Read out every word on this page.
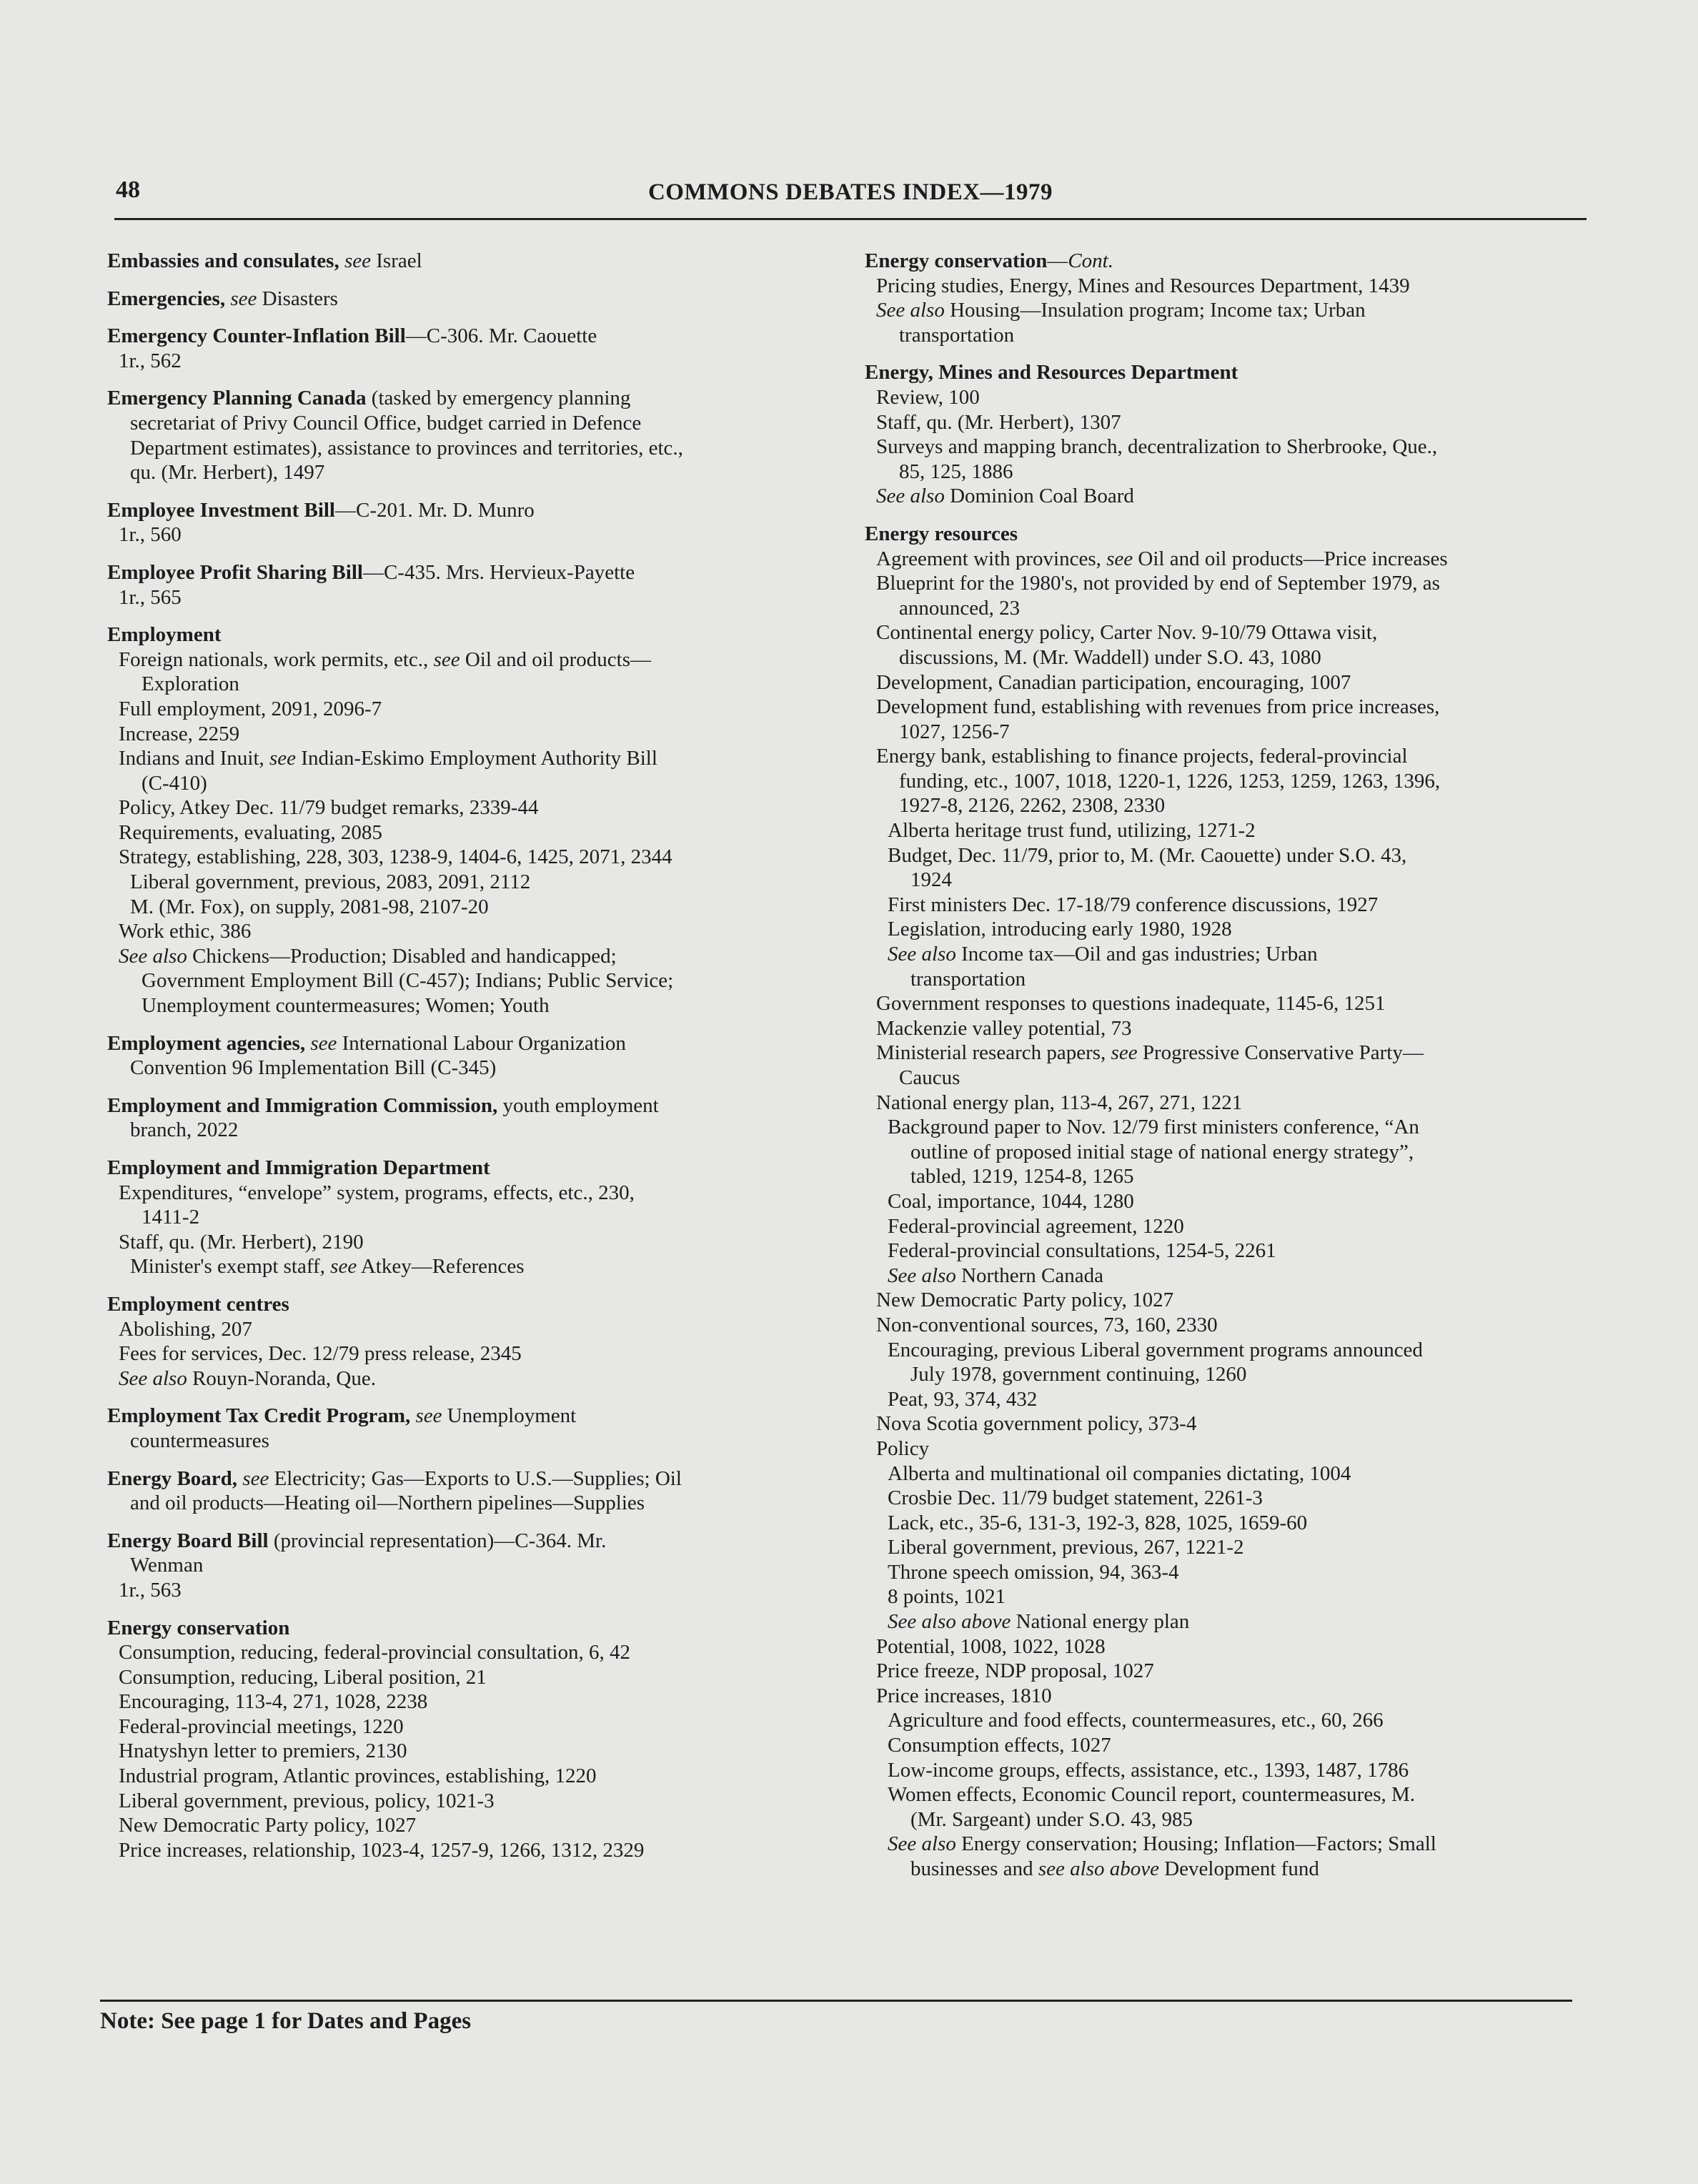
48	COMMONS DEBATES INDEX—1979
Embassies and consulates, see Israel
Emergencies, see Disasters
Emergency Counter-Inflation Bill—C-306. Mr. Caouette
1r., 562
Emergency Planning Canada (tasked by emergency planning
secretariat of Privy Council Office, budget carried in Defence
Department estimates), assistance to provinces and territories, etc.,
qu. (Mr. Herbert), 1497
Employee Investment Bill—C-201. Mr. D. Munro
1r., 560
Employee Profit Sharing Bill—C-435. Mrs. Hervieux-Payette
1r., 565
Employment
Foreign nationals, work permits, etc., see Oil and oil products—
Exploration
Full employment, 2091, 2096-7
Increase, 2259
Indians and Inuit, see Indian-Eskimo Employment Authority Bill
(C-410)
Policy, Atkey Dec. 11/79 budget remarks, 2339-44
Requirements, evaluating, 2085
Strategy, establishing, 228, 303, 1238-9, 1404-6, 1425, 2071, 2344
Liberal government, previous, 2083, 2091, 2112
M. (Mr. Fox), on supply, 2081-98, 2107-20
Work ethic, 386
See also Chickens—Production; Disabled and handicapped;
Government Employment Bill (C-457); Indians; Public Service;
Unemployment countermeasures; Women; Youth
Employment agencies, see International Labour Organization
Convention 96 Implementation Bill (C-345)
Employment and Immigration Commission, youth employment
branch, 2022
Employment and Immigration Department
Expenditures, “envelope” system, programs, effects, etc., 230,
1411-2
Staff, qu. (Mr. Herbert), 2190
Minister's exempt staff, see Atkey—References
Employment centres
Abolishing, 207
Fees for services, Dec. 12/79 press release, 2345
See also Rouyn-Noranda, Que.
Employment Tax Credit Program, see Unemployment
countermeasures
Energy Board, see Electricity; Gas—Exports to U.S.—Supplies; Oil
and oil products—Heating oil—Northern pipelines—Supplies
Energy Board Bill (provincial representation)—C-364. Mr.
Wenman
1r., 563
Energy conservation
Consumption, reducing, federal-provincial consultation, 6, 42
Consumption, reducing, Liberal position, 21
Encouraging, 113-4, 271, 1028, 2238
Federal-provincial meetings, 1220
Hnatyshyn letter to premiers, 2130
Industrial program, Atlantic provinces, establishing, 1220
Liberal government, previous, policy, 1021-3
New Democratic Party policy, 1027
Price increases, relationship, 1023-4, 1257-9, 1266, 1312, 2329
Energy conservation—Cont.
Pricing studies, Energy, Mines and Resources Department, 1439
See also Housing—Insulation program; Income tax; Urban
transportation
Energy, Mines and Resources Department
Review, 100
Staff, qu. (Mr. Herbert), 1307
Surveys and mapping branch, decentralization to Sherbrooke, Que.,
85, 125, 1886
See also Dominion Coal Board
Energy resources
Agreement with provinces, see Oil and oil products—Price increases
Blueprint for the 1980's, not provided by end of September 1979, as
announced, 23
Continental energy policy, Carter Nov. 9-10/79 Ottawa visit,
discussions, M. (Mr. Waddell) under S.O. 43, 1080
Development, Canadian participation, encouraging, 1007
Development fund, establishing with revenues from price increases,
1027, 1256-7
Energy bank, establishing to finance projects, federal-provincial
funding, etc., 1007, 1018, 1220-1, 1226, 1253, 1259, 1263, 1396,
1927-8, 2126, 2262, 2308, 2330
Alberta heritage trust fund, utilizing, 1271-2
Budget, Dec. 11/79, prior to, M. (Mr. Caouette) under S.O. 43,
1924
First ministers Dec. 17-18/79 conference discussions, 1927
Legislation, introducing early 1980, 1928
See also Income tax—Oil and gas industries; Urban
transportation
Government responses to questions inadequate, 1145-6, 1251
Mackenzie valley potential, 73
Ministerial research papers, see Progressive Conservative Party—
Caucus
National energy plan, 113-4, 267, 271, 1221
Background paper to Nov. 12/79 first ministers conference, “An
outline of proposed initial stage of national energy strategy”,
tabled, 1219, 1254-8, 1265
Coal, importance, 1044, 1280
Federal-provincial agreement, 1220
Federal-provincial consultations, 1254-5, 2261
See also Northern Canada
New Democratic Party policy, 1027
Non-conventional sources, 73, 160, 2330
Encouraging, previous Liberal government programs announced
July 1978, government continuing, 1260
Peat, 93, 374, 432
Nova Scotia government policy, 373-4
Policy
Alberta and multinational oil companies dictating, 1004
Crosbie Dec. 11/79 budget statement, 2261-3
Lack, etc., 35-6, 131-3, 192-3, 828, 1025, 1659-60
Liberal government, previous, 267, 1221-2
Throne speech omission, 94, 363-4
8 points, 1021
See also above National energy plan
Potential, 1008, 1022, 1028
Price freeze, NDP proposal, 1027
Price increases, 1810
Agriculture and food effects, countermeasures, etc., 60, 266
Consumption effects, 1027
Low-income groups, effects, assistance, etc., 1393, 1487, 1786
Women effects, Economic Council report, countermeasures, M.
(Mr. Sargeant) under S.O. 43, 985
See also Energy conservation; Housing; Inflation—Factors; Small
businesses and see also above Development fund
Note: See page 1 for Dates and Pages
